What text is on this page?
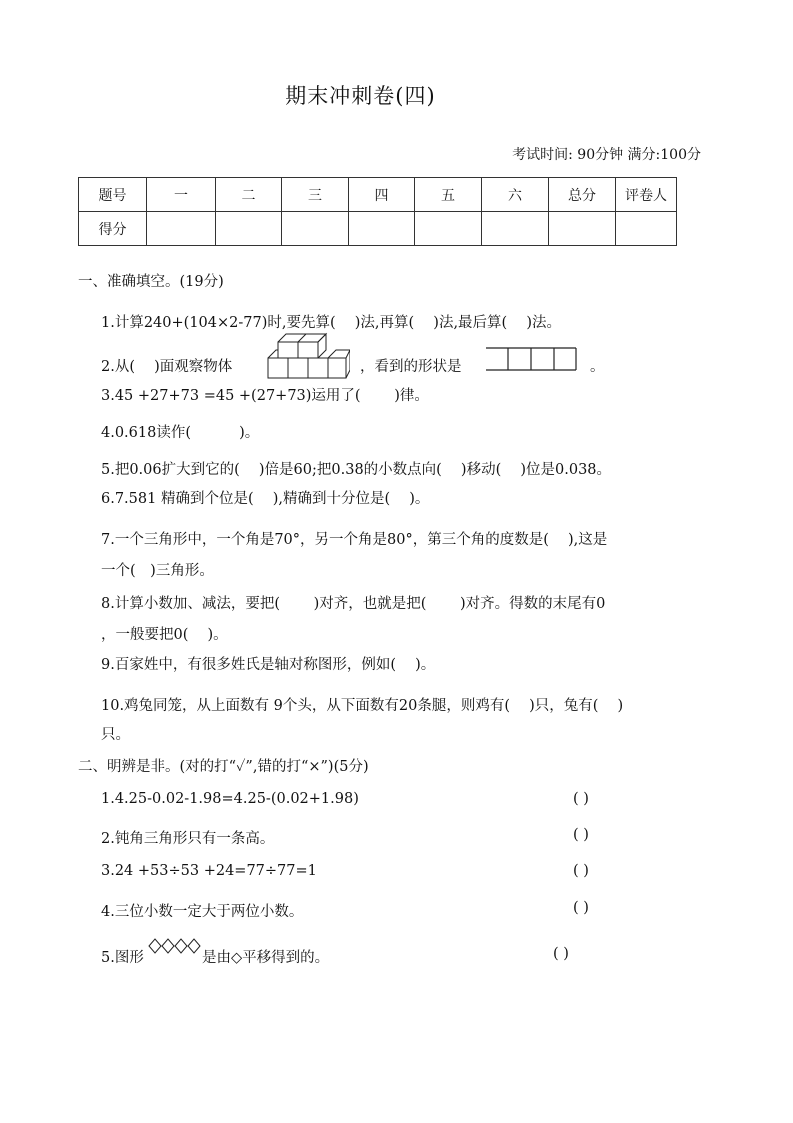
期末冲刺卷(四)
考试时间: 90分钟 满分:100分
题号	一	二	三	四	五	六	总分	评卷人
得分								
一、准确填空。(19分)
1.计算240+(104×2-77)时,要先算(　 )法,再算(　 )法,最后算(　 )法。
2.从(　 )面观察物体	，看到的形状是	。
3.45 +27+73 =45 +(27+73)运用了(　　 )律。
4.0.618读作(　　　 )。
5.把0.06扩大到它的(　 )倍是60;把0.38的小数点向(　 )移动(　 )位是0.038。
6.7.581 精确到个位是(　 ),精确到十分位是(　 )。
7.一个三角形中，一个角是70°，另一个角是80°，第三个角的度数是(　 ),这是
一个(　)三角形。
8.计算小数加、减法，要把(　　 )对齐，也就是把(　　 )对齐。得数的末尾有0
，一般要把0(　 )。
9.百家姓中，有很多姓氏是轴对称图形，例如(　 )。
10.鸡兔同笼，从上面数有 9个头，从下面数有20条腿，则鸡有(　 )只，兔有(　 )
只。
二、明辨是非。(对的打“✓”,错的打“×”)(5分)
1.4.25-0.02-1.98=4.25-(0.02+1.98)	( )
2.钝角三角形只有一条高。	( )
3.24 +53÷53 +24=77÷77=1	( )
4.三位小数一定大于两位小数。	( )
5.图形	是由◇平移得到的。	( )
